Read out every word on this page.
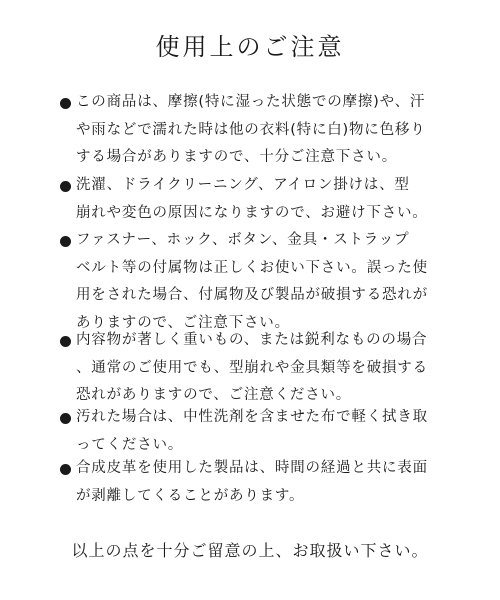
使用上のご注意
この商品は、摩擦(特に湿った状態での摩擦)や、汗
や雨などで濡れた時は他の衣料(特に白)物に色移り
する場合がありますので、十分ご注意下さい。
洗濯、ドライクリーニング、アイロン掛けは、型
崩れや変色の原因になりますので、お避け下さい。
ファスナー、ホック、ボタン、金具・ストラップ
ベルト等の付属物は正しくお使い下さい。誤った使
用をされた場合、付属物及び製品が破損する恐れが
ありますので、ご注意下さい。
内容物が著しく重いもの、または鋭利なものの場合
、通常のご使用でも、型崩れや金具類等を破損する
恐れがありますので、ご注意ください。
汚れた場合は、中性洗剤を含ませた布で軽く拭き取
ってください。
合成皮革を使用した製品は、時間の経過と共に表面
が剥離してくることがあります。
以上の点を十分ご留意の上、お取扱い下さい。
